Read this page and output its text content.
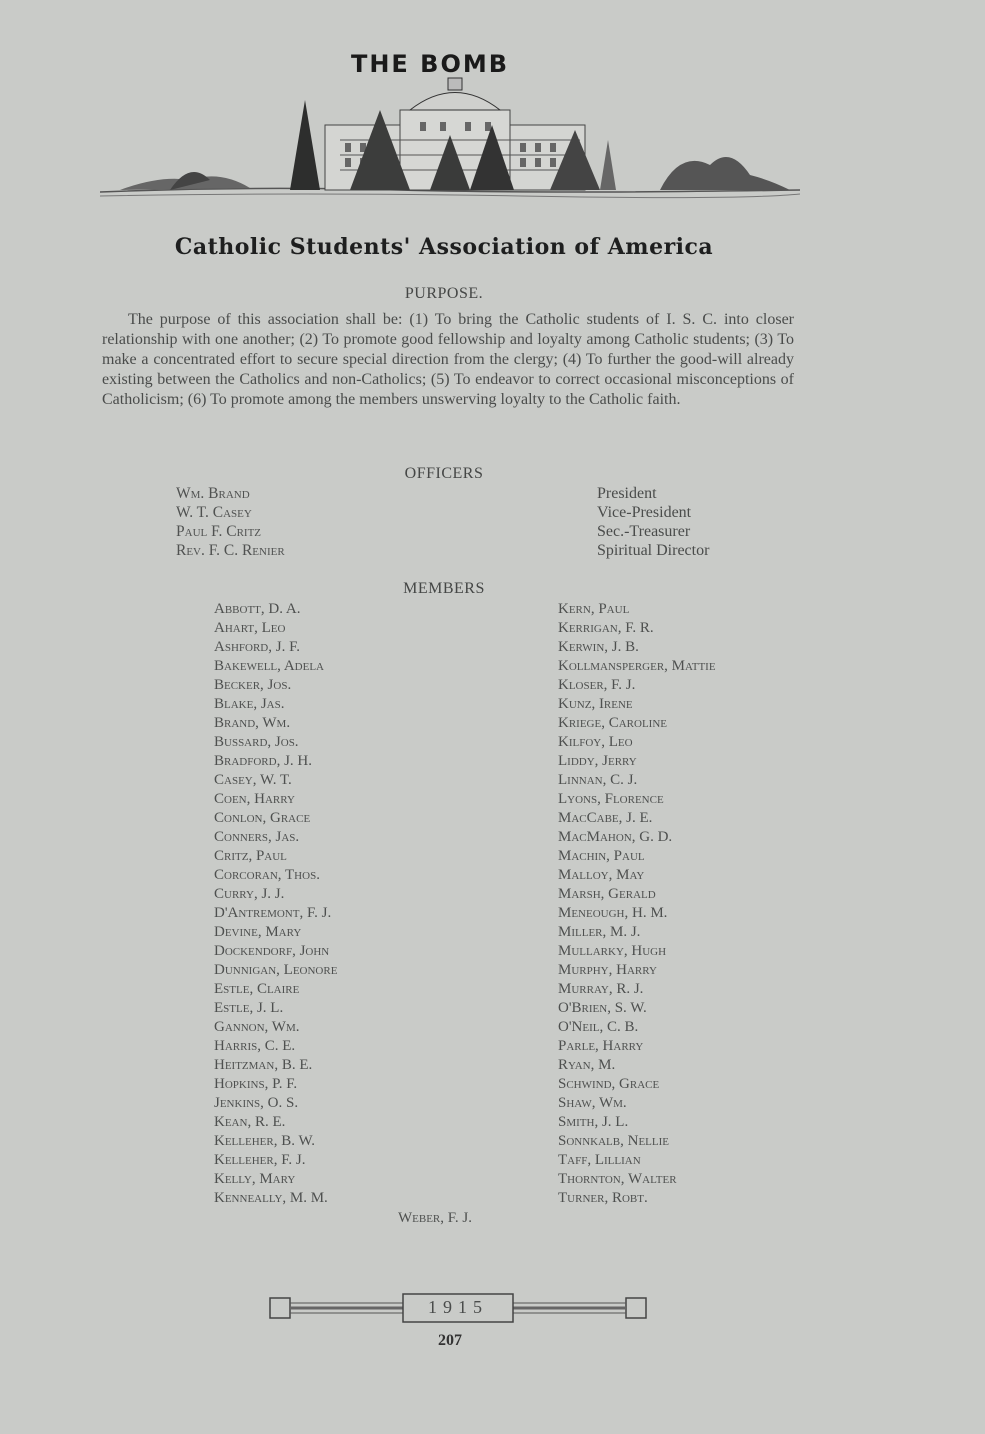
THE BOMB
Catholic Students' Association of America
PURPOSE.

The purpose of this association shall be: (1) To bring the Catholic students of I. S. C. into closer relationship with one another; (2) To promote good fellowship and loyalty among Catholic students; (3) To make a concentrated effort to secure special direction from the clergy; (4) To further the good-will already existing between the Catholics and non-Catholics; (5) To endeavor to correct occasional misconceptions of Catholicism; (6) To promote among the members unswerving loyalty to the Catholic faith.

OFFICERS
Wm. Brand
W. T. Casey
Paul F. Critz
Rev. F. C. Renier
President
Vice-President
Sec.-Treasurer
Spiritual Director
MEMBERS
Abbott, D. A.
Ahart, Leo
Ashford, J. F.
Bakewell, Adela
Becker, Jos.
Blake, Jas.
Brand, Wm.
Bussard, Jos.
Bradford, J. H.
Casey, W. T.
Coen, Harry
Conlon, Grace
Conners, Jas.
Critz, Paul
Corcoran, Thos.
Curry, J. J.
D'Antremont, F. J.
Devine, Mary
Dockendorf, John
Dunnigan, Leonore
Estle, Claire
Estle, J. L.
Gannon, Wm.
Harris, C. E.
Heitzman, B. E.
Hopkins, P. F.
Jenkins, O. S.
Kean, R. E.
Kelleher, B. W.
Kelleher, F. J.
Kelly, Mary
Kenneally, M. M.
Kern, Paul
Kerrigan, F. R.
Kerwin, J. B.
Kollmansperger, Mattie
Kloser, F. J.
Kunz, Irene
Kriege, Caroline
Kilfoy, Leo
Liddy, Jerry
Linnan, C. J.
Lyons, Florence
MacCabe, J. E.
MacMahon, G. D.
Machin, Paul
Malloy, May
Marsh, Gerald
Meneough, H. M.
Miller, M. J.
Mullarky, Hugh
Murphy, Harry
Murray, R. J.
O'Brien, S. W.
O'Neil, C. B.
Parle, Harry
Ryan, M.
Schwind, Grace
Shaw, Wm.
Smith, J. L.
Sonnkalb, Nellie
Taff, Lillian
Thornton, Walter
Turner, Robt.
Weber, F. J.
1915
207
